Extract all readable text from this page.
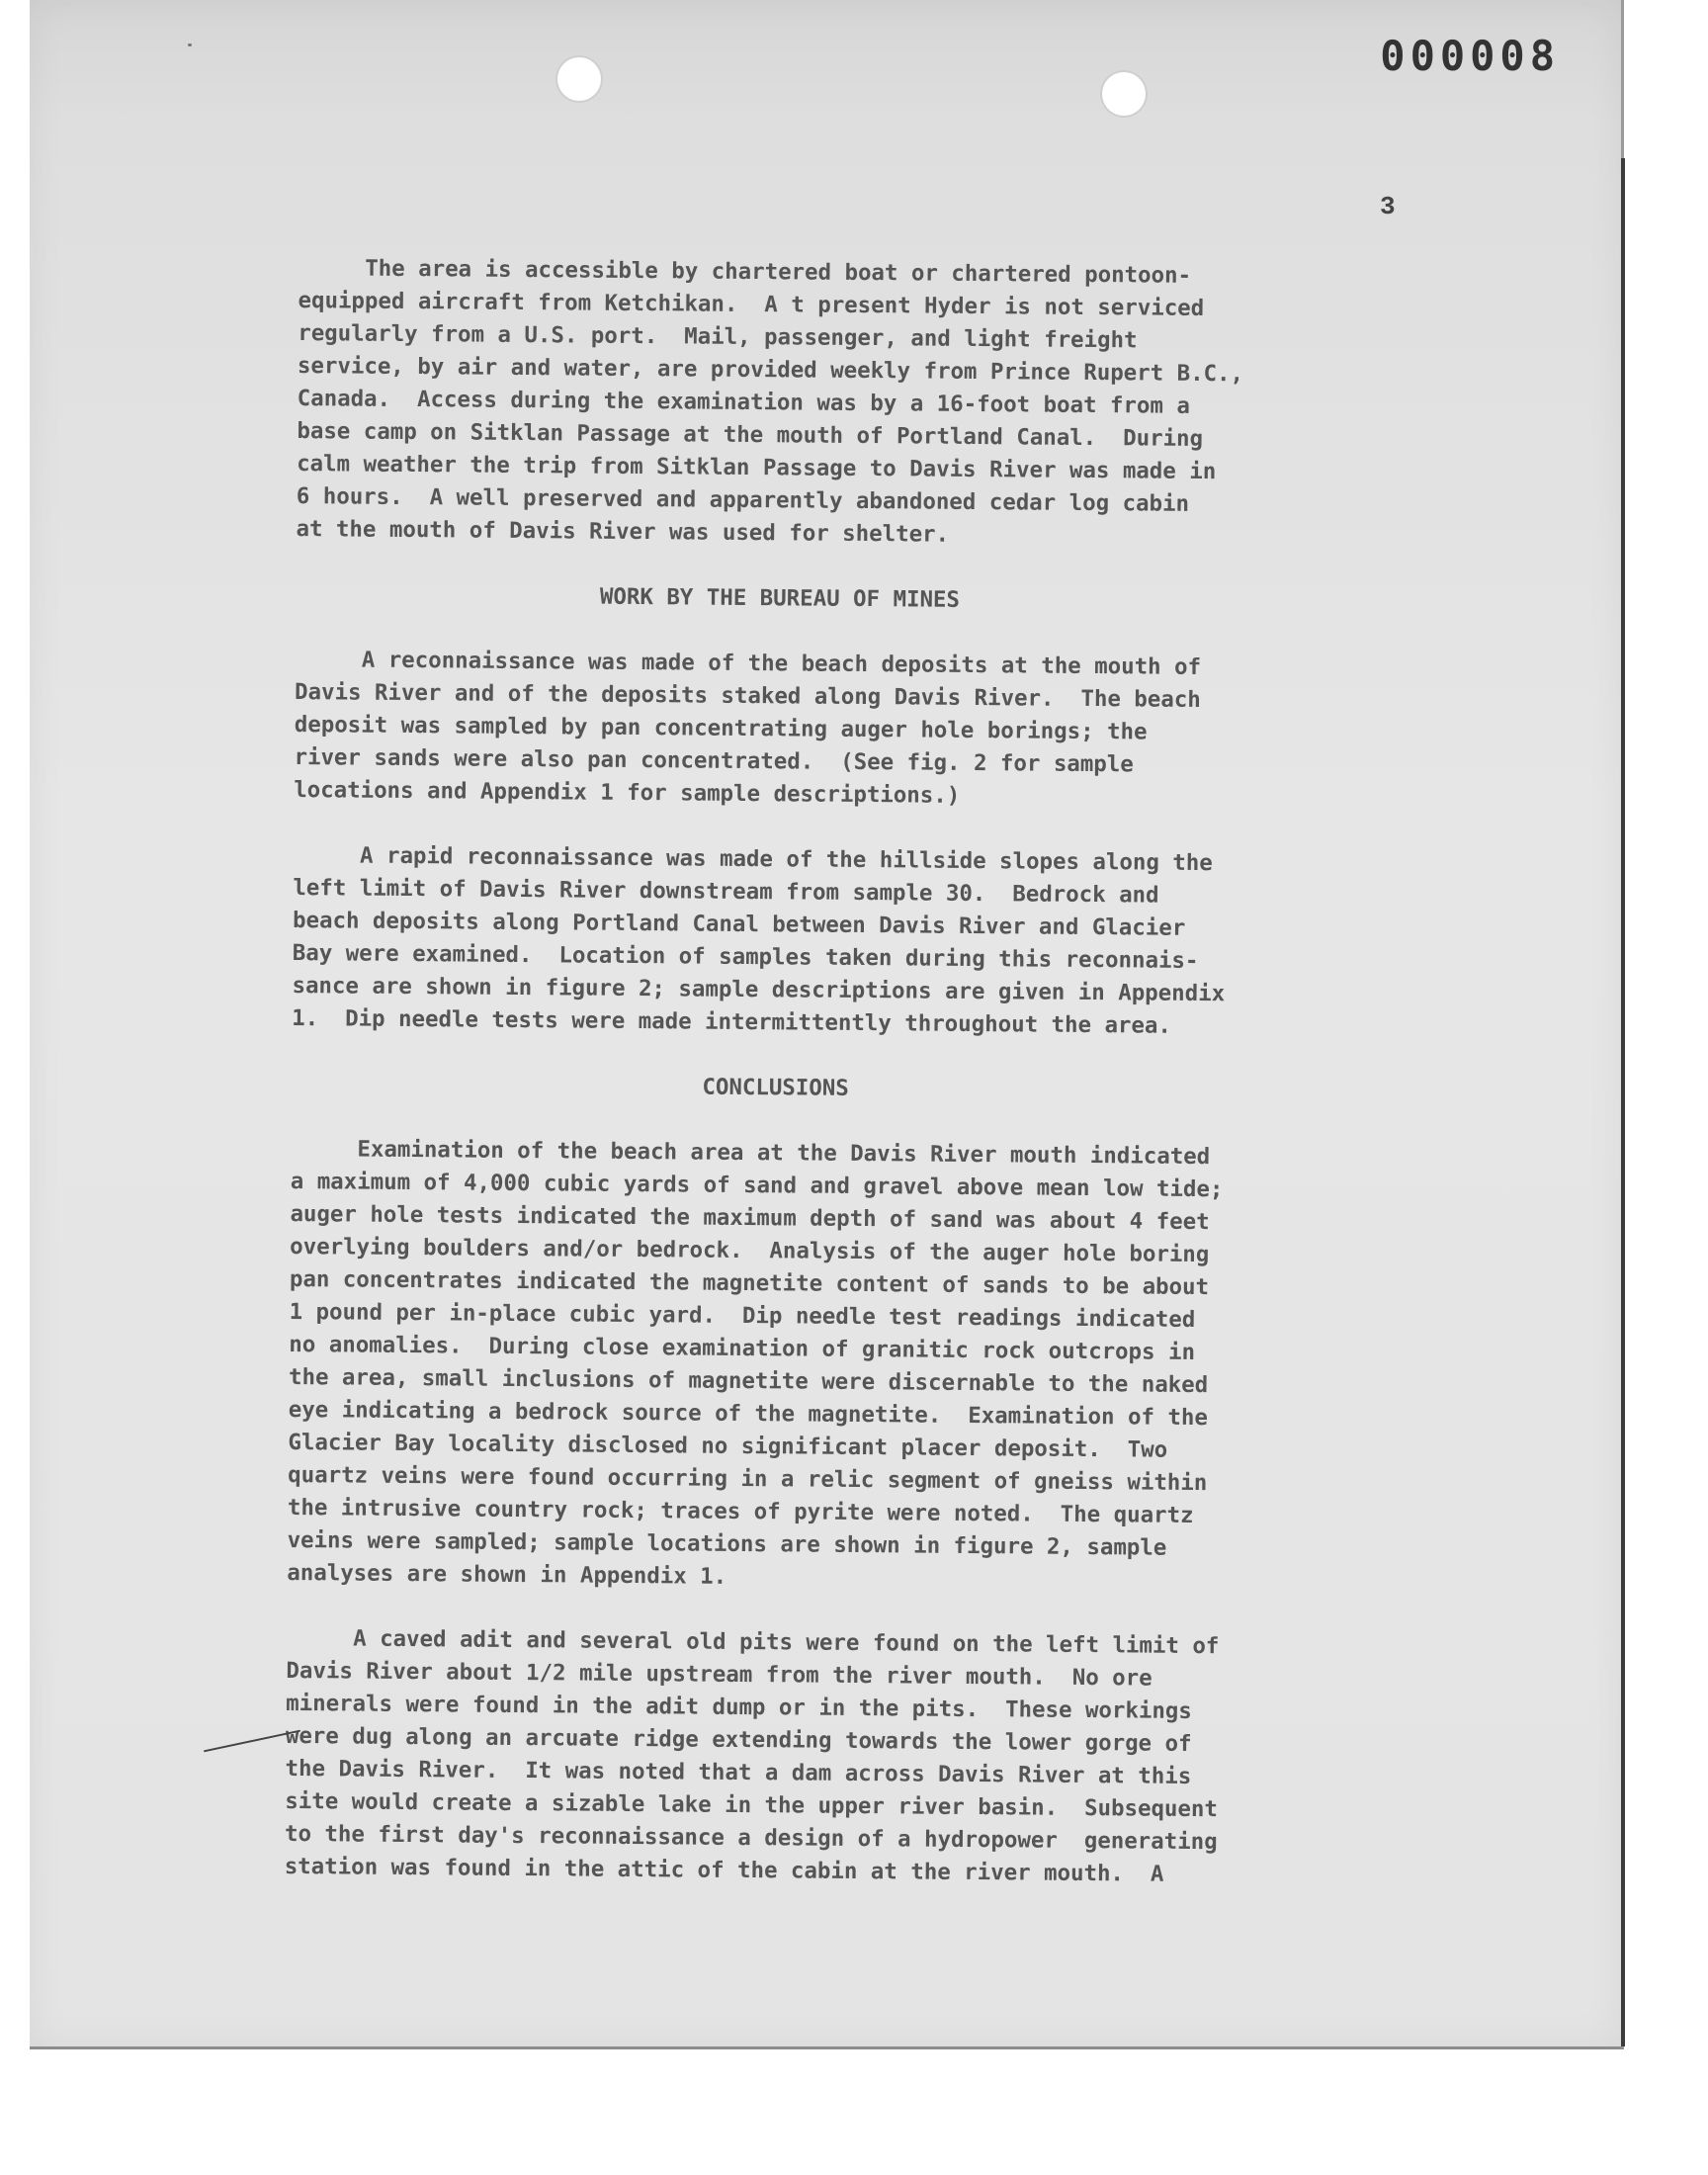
000008
3

The area is accessible by chartered boat or chartered pontoon-
equipped aircraft from Ketchikan.  A t present Hyder is not serviced
regularly from a U.S. port.  Mail, passenger, and light freight
service, by air and water, are provided weekly from Prince Rupert B.C.,
Canada.  Access during the examination was by a 16-foot boat from a
base camp on Sitklan Passage at the mouth of Portland Canal.  During
calm weather the trip from Sitklan Passage to Davis River was made in
6 hours.  A well preserved and apparently abandoned cedar log cabin
at the mouth of Davis River was used for shelter.

WORK BY THE BUREAU OF MINES

A reconnaissance was made of the beach deposits at the mouth of
Davis River and of the deposits staked along Davis River.  The beach
deposit was sampled by pan concentrating auger hole borings; the
river sands were also pan concentrated.  (See fig. 2 for sample
locations and Appendix 1 for sample descriptions.)

A rapid reconnaissance was made of the hillside slopes along the
left limit of Davis River downstream from sample 30.  Bedrock and
beach deposits along Portland Canal between Davis River and Glacier
Bay were examined.  Location of samples taken during this reconnais-
sance are shown in figure 2; sample descriptions are given in Appendix
1.  Dip needle tests were made intermittently throughout the area.

CONCLUSIONS

Examination of the beach area at the Davis River mouth indicated
a maximum of 4,000 cubic yards of sand and gravel above mean low tide;
auger hole tests indicated the maximum depth of sand was about 4 feet
overlying boulders and/or bedrock.  Analysis of the auger hole boring
pan concentrates indicated the magnetite content of sands to be about
1 pound per in-place cubic yard.  Dip needle test readings indicated
no anomalies.  During close examination of granitic rock outcrops in
the area, small inclusions of magnetite were discernable to the naked
eye indicating a bedrock source of the magnetite.  Examination of the
Glacier Bay locality disclosed no significant placer deposit.  Two
quartz veins were found occurring in a relic segment of gneiss within
the intrusive country rock; traces of pyrite were noted.  The quartz
veins were sampled; sample locations are shown in figure 2, sample
analyses are shown in Appendix 1.

A caved adit and several old pits were found on the left limit of
Davis River about 1/2 mile upstream from the river mouth.  No ore
minerals were found in the adit dump or in the pits.  These workings
were dug along an arcuate ridge extending towards the lower gorge of
the Davis River.  It was noted that a dam across Davis River at this
site would create a sizable lake in the upper river basin.  Subsequent
to the first day's reconnaissance a design of a hydropower  generating
station was found in the attic of the cabin at the river mouth.  A
